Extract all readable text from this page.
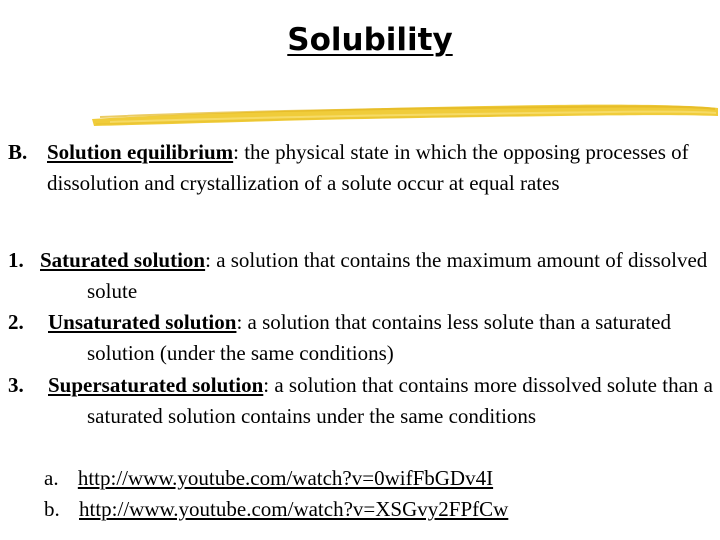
Solubility
B. Solution equilibrium: the physical state in which the opposing processes of dissolution and crystallization of a solute occur at equal rates
1. Saturated solution: a solution that contains the maximum amount of dissolved solute
2.	Unsaturated solution: a solution that contains less solute than a saturated solution (under the same conditions)
3.	Supersaturated solution: a solution that contains more dissolved solute than a saturated solution contains under the same conditions
a. http://www.youtube.com/watch?v=0wifFbGDv4I
b. http://www.youtube.com/watch?v=XSGvy2FPfCw
